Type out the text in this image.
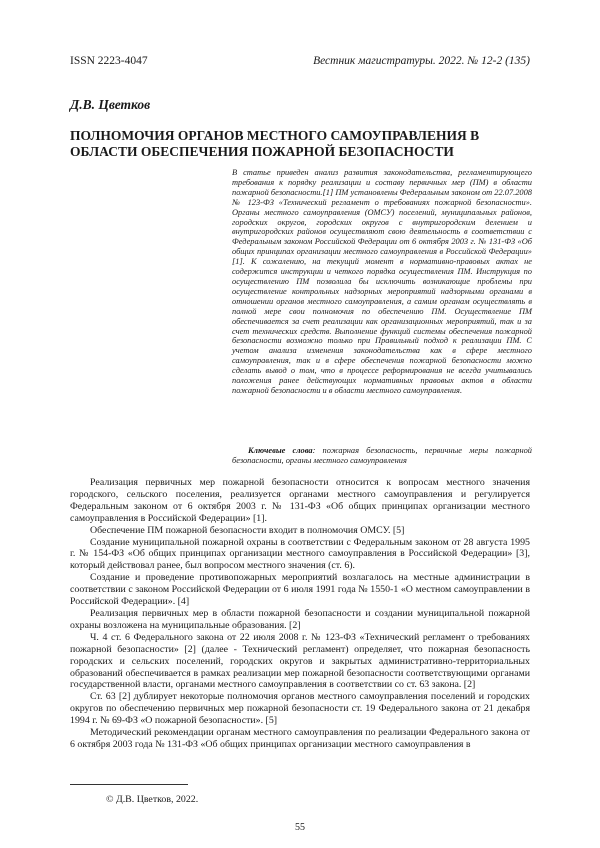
ISSN 2223-4047	Вестник магистратуры. 2022. № 12-2 (135)
Д.В. Цветков
ПОЛНОМОЧИЯ ОРГАНОВ МЕСТНОГО САМОУПРАВЛЕНИЯ В ОБЛАСТИ ОБЕСПЕЧЕНИЯ ПОЖАРНОЙ БЕЗОПАСНОСТИ

В статье приведен анализ развития законодательства, регламентирующего требования к порядку реализации и составу первичных мер (ПМ) в области пожарной безопасности.[1] ПМ установлены Федеральным законом от 22.07.2008 № 123-ФЗ «Технический регламент о требованиях пожарной безопасности». Органы местного самоуправления (ОМСУ) поселений, муниципальных районов, городских округов, городских округов с внутригородским делением и внутригородских районов осуществляют свою деятельность в соответствии с Федеральным законом Российской Федерации от 6 октября 2003 г. № 131-ФЗ «Об общих принципах организации местного самоуправления в Российской Федерации» [1]. К сожалению, на текущий момент в нормативно-правовых актах не содержится инструкции и четкого порядка осуществления ПМ. Инструкция по осуществлению ПМ позволила бы исключить возникающие проблемы при осуществление контрольных надзорных мероприятий надзорными органами в отношении органов местного самоуправления, а самим органам осуществлять в полной мере свои полномочия по обеспечению ПМ. Осуществление ПМ обеспечивается за счет реализации как организационных мероприятий, так и за счет технических средств. Выполнение функций системы обеспечения пожарной безопасности возможно только при Правильный подход к реализации ПМ. С учетом анализа изменения законодательства как в сфере местного самоуправления, так и в сфере обеспечения пожарной безопасности можно сделать вывод о том, что в процессе реформирования не всегда учитывались положения ранее действующих нормативных правовых актов в области пожарной безопасности и в области местного самоуправления.

Ключевые слова: пожарная безопасность, первичные меры пожарной безопасности, органы местного самоуправления

Реализация первичных мер пожарной безопасности относится к вопросам местного значения городского, сельского поселения, реализуется органами местного самоуправления и регулируется Федеральным законом от 6 октября 2003 г. № 131-ФЗ «Об общих принципах организации местного самоуправления в Российской Федерации» [1].

Обеспечение ПМ пожарной безопасности входит в полномочия ОМСУ. [5]

Создание муниципальной пожарной охраны в соответствии с Федеральным законом от 28 августа 1995 г. № 154-ФЗ «Об общих принципах организации местного самоуправления в Российской Федерации» [3], который действовал ранее, был вопросом местного значения (ст. 6).

Создание и проведение противопожарных мероприятий возлагалось на местные администрации в соответствии с законом Российской Федерации от 6 июля 1991 года № 1550-1 «О местном самоуправлении в Российской Федерации». [4]

Реализация первичных мер в области пожарной безопасности и создании муниципальной пожарной охраны возложена на муниципальные образования. [2]

Ч. 4 ст. 6 Федерального закона от 22 июля 2008 г. № 123-ФЗ «Технический регламент о требованиях пожарной безопасности» [2] (далее - Технический регламент) определяет, что пожарная безопасность городских и сельских поселений, городских округов и закрытых административно-территориальных образований обеспечивается в рамках реализации мер пожарной безопасности соответствующими органами государственной власти, органами местного самоуправления в соответствии со ст. 63 закона. [2]

Ст. 63 [2] дублирует некоторые полномочия органов местного самоуправления поселений и городских округов по обеспечению первичных мер пожарной безопасности ст. 19 Федерального закона от 21 декабря 1994 г. № 69-ФЗ «О пожарной безопасности». [5]

Методический рекомендации органам местного самоуправления по реализации Федерального закона от 6 октября 2003 года № 131-ФЗ «Об общих принципах организации местного самоуправления в

© Д.В. Цветков, 2022.
55
